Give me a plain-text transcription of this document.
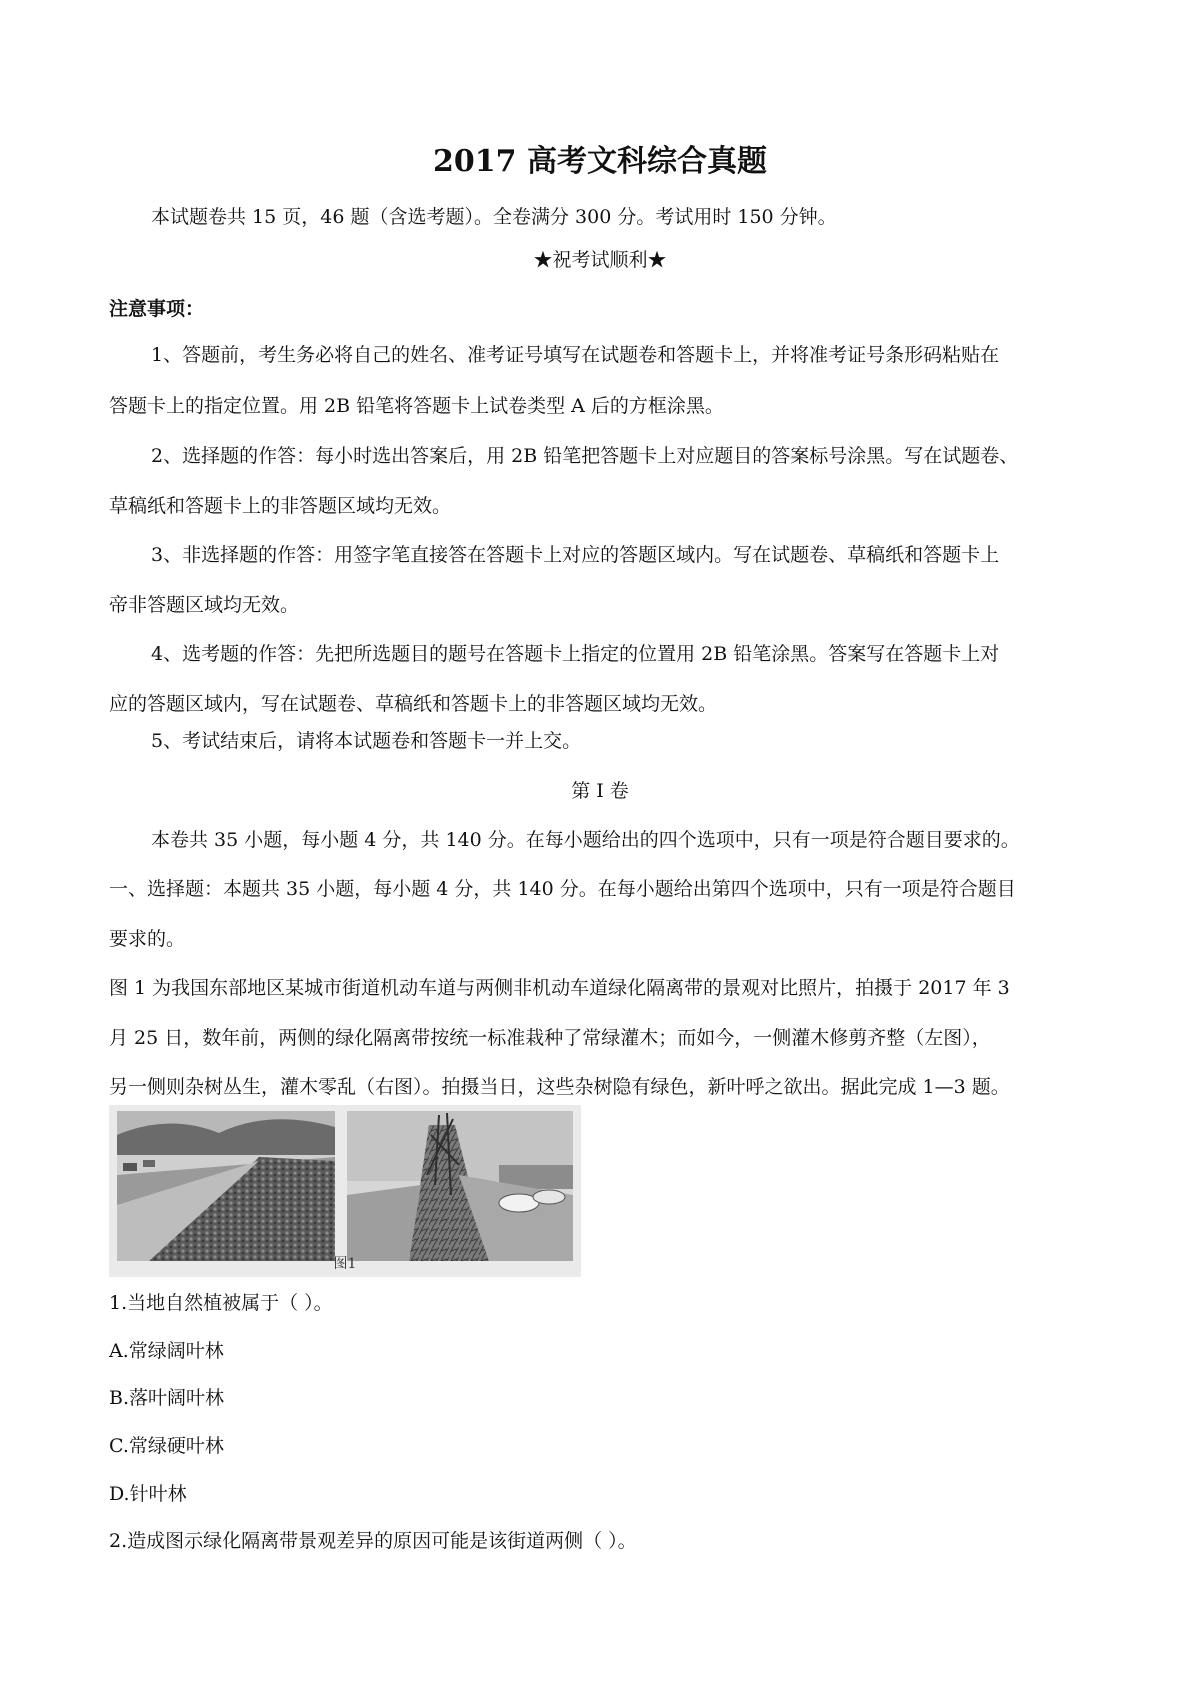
2017 高考文科综合真题
本试题卷共 15 页，46 题（含选考题）。全卷满分 300 分。考试用时 150 分钟。
★祝考试顺利★
注意事项：
1、答题前，考生务必将自己的姓名、准考证号填写在试题卷和答题卡上，并将准考证号条形码粘贴在
答题卡上的指定位置。用 2B 铅笔将答题卡上试卷类型 A 后的方框涂黑。
2、选择题的作答：每小时选出答案后，用 2B 铅笔把答题卡上对应题目的答案标号涂黑。写在试题卷、
草稿纸和答题卡上的非答题区域均无效。
3、非选择题的作答：用签字笔直接答在答题卡上对应的答题区域内。写在试题卷、草稿纸和答题卡上
帝非答题区域均无效。
4、选考题的作答：先把所选题目的题号在答题卡上指定的位置用 2B 铅笔涂黑。答案写在答题卡上对
应的答题区域内，写在试题卷、草稿纸和答题卡上的非答题区域均无效。
5、考试结束后，请将本试题卷和答题卡一并上交。
第 I 卷
本卷共 35 小题，每小题 4 分，共 140 分。在每小题给出的四个选项中，只有一项是符合题目要求的。
一、选择题：本题共 35 小题，每小题 4 分，共 140 分。在每小题给出第四个选项中，只有一项是符合题目
要求的。
图 1 为我国东部地区某城市街道机动车道与两侧非机动车道绿化隔离带的景观对比照片，拍摄于 2017 年 3
月 25 日，数年前，两侧的绿化隔离带按统一标准栽种了常绿灌木；而如今，一侧灌木修剪齐整（左图），
另一侧则杂树丛生，灌木零乱（右图）。拍摄当日，这些杂树隐有绿色，新叶呼之欲出。据此完成 1—3 题。
图1
1.当地自然植被属于（ ）。
A.常绿阔叶林
B.落叶阔叶林
C.常绿硬叶林
D.针叶林
2.造成图示绿化隔离带景观差异的原因可能是该街道两侧（ ）。
